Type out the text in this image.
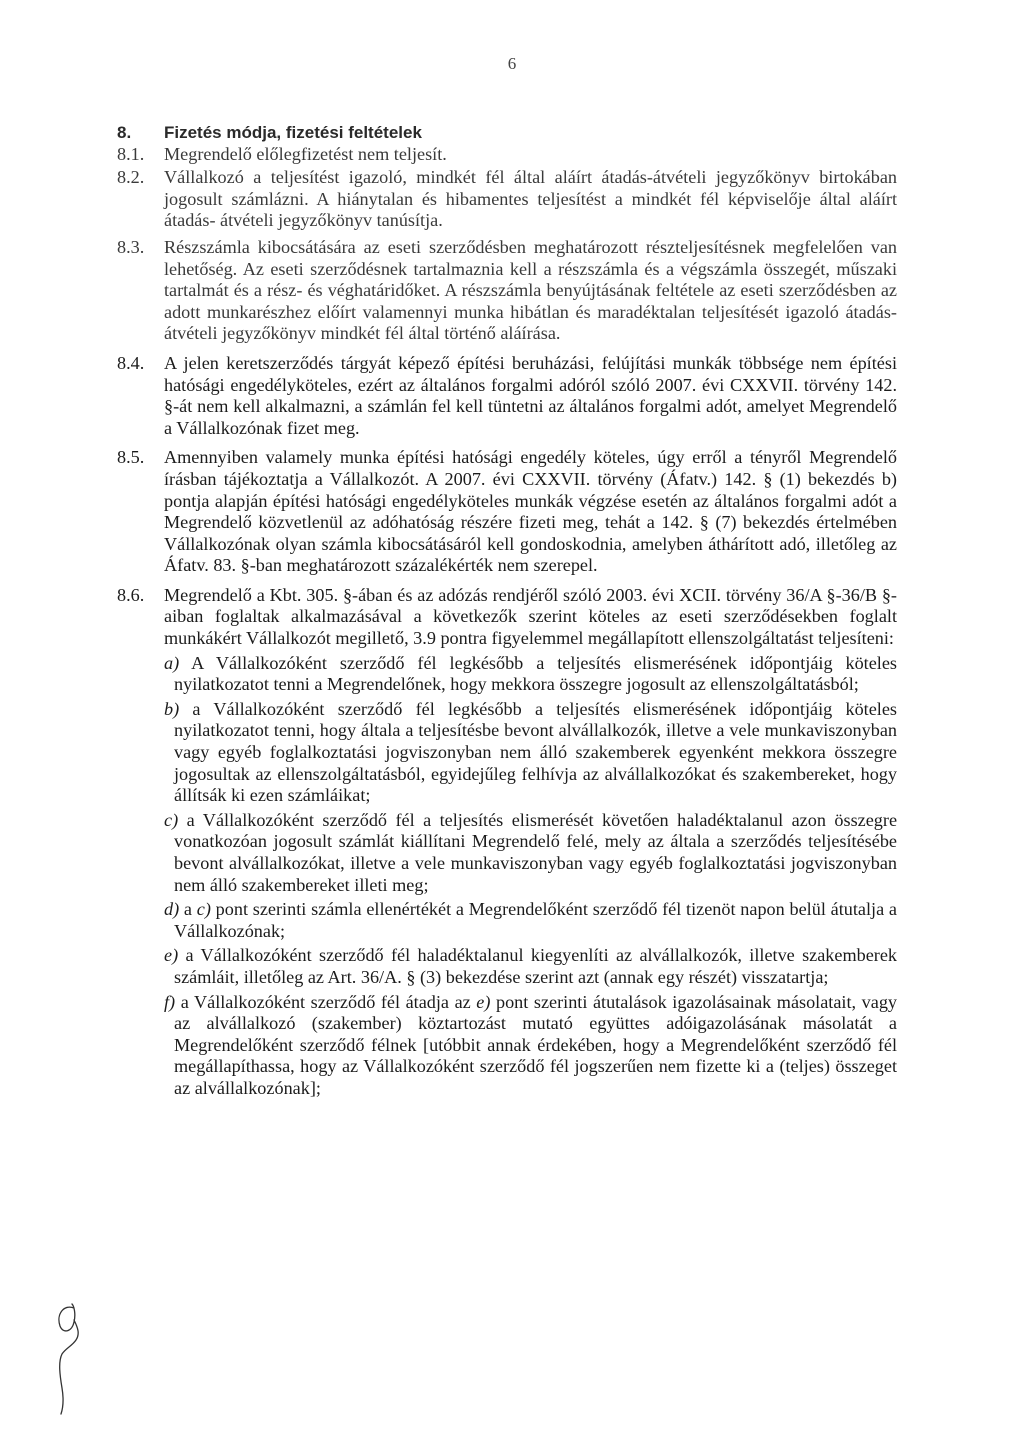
6
8.	Fizetés módja, fizetési feltételek
8.1.	Megrendelő előlegfizetést nem teljesít.
8.2.	Vállalkozó a teljesítést igazoló, mindkét fél által aláírt átadás-átvételi jegyzőkönyv birtokában jogosult számlázni. A hiánytalan és hibamentes teljesítést a mindkét fél képviselője által aláírt átadás- átvételi jegyzőkönyv tanúsítja.
8.3.	Részszámla kibocsátására az eseti szerződésben meghatározott részteljesítésnek megfelelően van lehetőség. Az eseti szerződésnek tartalmaznia kell a részszámla és a végszámla összegét, műszaki tartalmát és a rész- és véghatáridőket. A részszámla benyújtásának feltétele az eseti szerződésben az adott munkarészhez előírt valamennyi munka hibátlan és maradéktalan teljesítését igazoló átadás-átvételi jegyzőkönyv mindkét fél által történő aláírása.
8.4.	A jelen keretszerződés tárgyát képező építési beruházási, felújítási munkák többsége nem építési hatósági engedélyköteles, ezért az általános forgalmi adóról szóló 2007. évi CXXVII. törvény 142. §-át nem kell alkalmazni, a számlán fel kell tüntetni az általános forgalmi adót, amelyet Megrendelő a Vállalkozónak fizet meg.
8.5.	Amennyiben valamely munka építési hatósági engedély köteles, úgy erről a tényről Megrendelő írásban tájékoztatja a Vállalkozót. A 2007. évi CXXVII. törvény (Áfatv.) 142. § (1) bekezdés b) pontja alapján építési hatósági engedélyköteles munkák végzése esetén az általános forgalmi adót a Megrendelő közvetlenül az adóhatóság részére fizeti meg, tehát a 142. § (7) bekezdés értelmében Vállalkozónak olyan számla kibocsátásáról kell gondoskodnia, amelyben áthárított adó, illetőleg az Áfatv. 83. §-ban meghatározott százalékérték nem szerepel.
8.6.	Megrendelő a Kbt. 305. §-ában és az adózás rendjéről szóló 2003. évi XCII. törvény 36/A §-36/B §-aiban foglaltak alkalmazásával a következők szerint köteles az eseti szerződésekben foglalt munkákért Vállalkozót megillető, 3.9 pontra figyelemmel megállapított ellenszolgáltatást teljesíteni:
a) A Vállalkozóként szerződő fél legkésőbb a teljesítés elismerésének időpontjáig köteles nyilatkozatot tenni a Megrendelőnek, hogy mekkora összegre jogosult az ellenszolgáltatásból;
b) a Vállalkozóként szerződő fél legkésőbb a teljesítés elismerésének időpontjáig köteles nyilatkozatot tenni, hogy általa a teljesítésbe bevont alvállalkozók, illetve a vele munkaviszonyban vagy egyéb foglalkoztatási jogviszonyban nem álló szakemberek egyenként mekkora összegre jogosultak az ellenszolgáltatásból, egyidejűleg felhívja az alvállalkozókat és szakembereket, hogy állítsák ki ezen számláikat;
c) a Vállalkozóként szerződő fél a teljesítés elismerését követően haladéktalanul azon összegre vonatkozóan jogosult számlát kiállítani Megrendelő felé, mely az általa a szerződés teljesítésébe bevont alvállalkozókat, illetve a vele munkaviszonyban vagy egyéb foglalkoztatási jogviszonyban nem álló szakembereket illeti meg;
d) a c) pont szerinti számla ellenértékét a Megrendelőként szerződő fél tizenöt napon belül átutalja a Vállalkozónak;
e) a Vállalkozóként szerződő fél haladéktalanul kiegyenlíti az alvállalkozók, illetve szakemberek számláit, illetőleg az Art. 36/A. § (3) bekezdése szerint azt (annak egy részét) visszatartja;
f) a Vállalkozóként szerződő fél átadja az e) pont szerinti átutalások igazolásainak másolatait, vagy az alvállalkozó (szakember) köztartozást mutató együttes adóigazolásának másolatát a Megrendelőként szerződő félnek [utóbbit annak érdekében, hogy a Megrendelőként szerződő fél megállapíthassa, hogy az Vállalkozóként szerződő fél jogszerűen nem fizette ki a (teljes) összeget az alvállalkozónak];
